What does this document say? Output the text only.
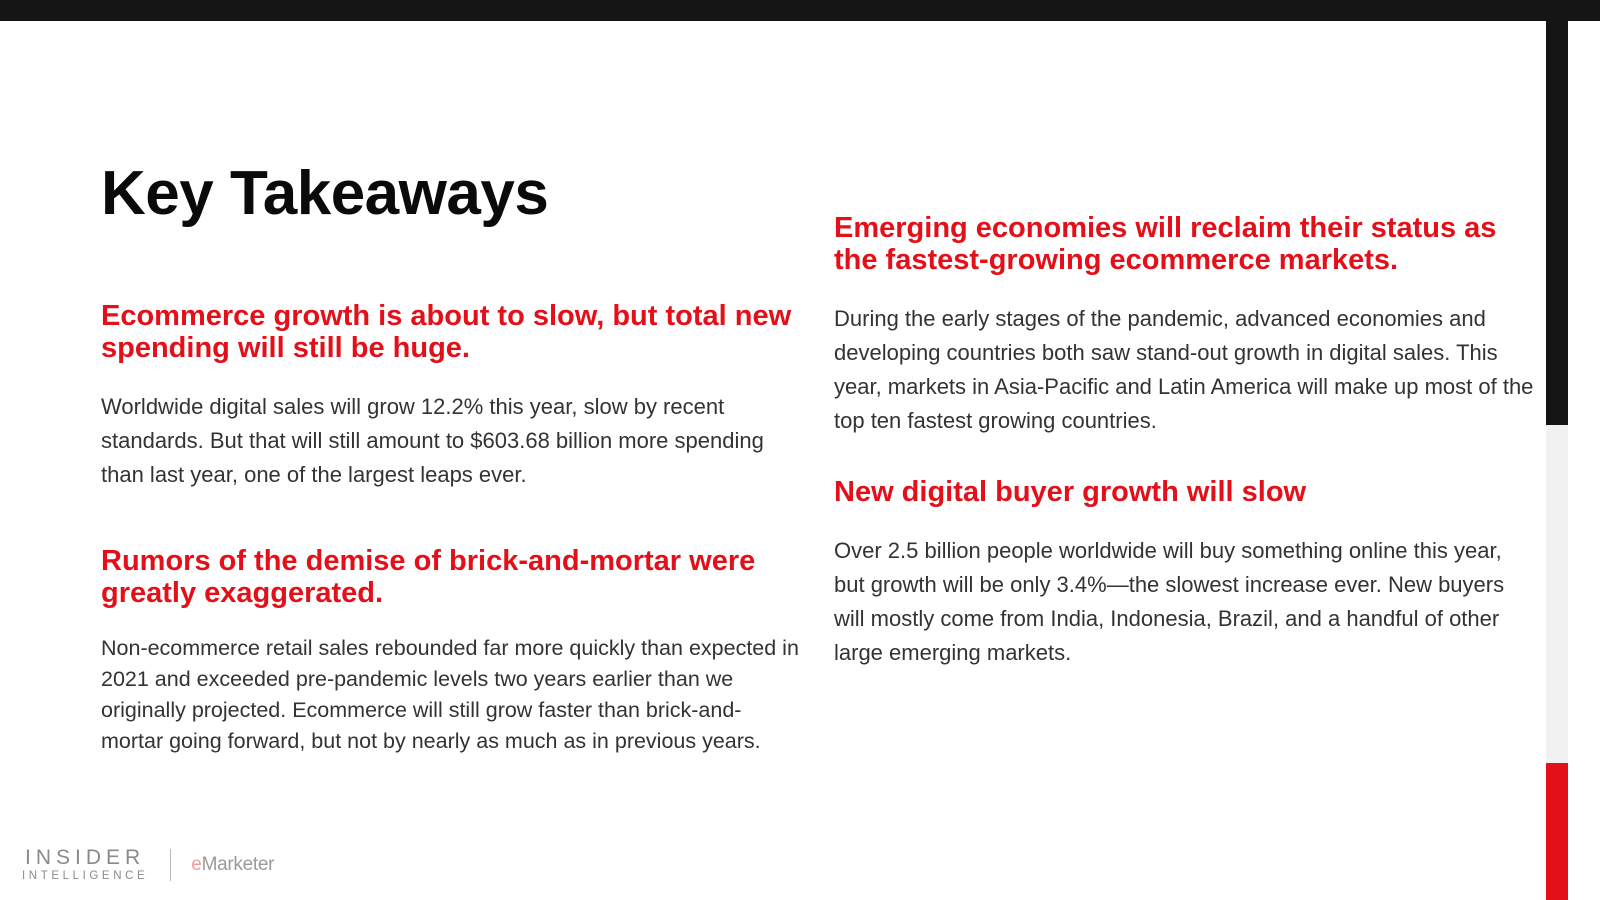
Key Takeaways
Ecommerce growth is about to slow, but total new spending will still be huge.

Worldwide digital sales will grow 12.2% this year, slow by recent standards. But that will still amount to $603.68 billion more spending than last year, one of the largest leaps ever.

Rumors of the demise of brick-and-mortar were greatly exaggerated.

Non-ecommerce retail sales rebounded far more quickly than expected in 2021 and exceeded pre-pandemic levels two years earlier than we originally projected. Ecommerce will still grow faster than brick-and-mortar going forward, but not by nearly as much as in previous years.

Emerging economies will reclaim their status as the fastest-growing ecommerce markets.

During the early stages of the pandemic, advanced economies and developing countries both saw stand-out growth in digital sales. This year, markets in Asia-Pacific and Latin America will make up most of the top ten fastest growing countries.

New digital buyer growth will slow

Over 2.5 billion people worldwide will buy something online this year, but growth will be only 3.4%—the slowest increase ever. New buyers will mostly come from India, Indonesia, Brazil, and a handful of other large emerging markets.

INSIDER
INTELLIGENCE
eMarketer
